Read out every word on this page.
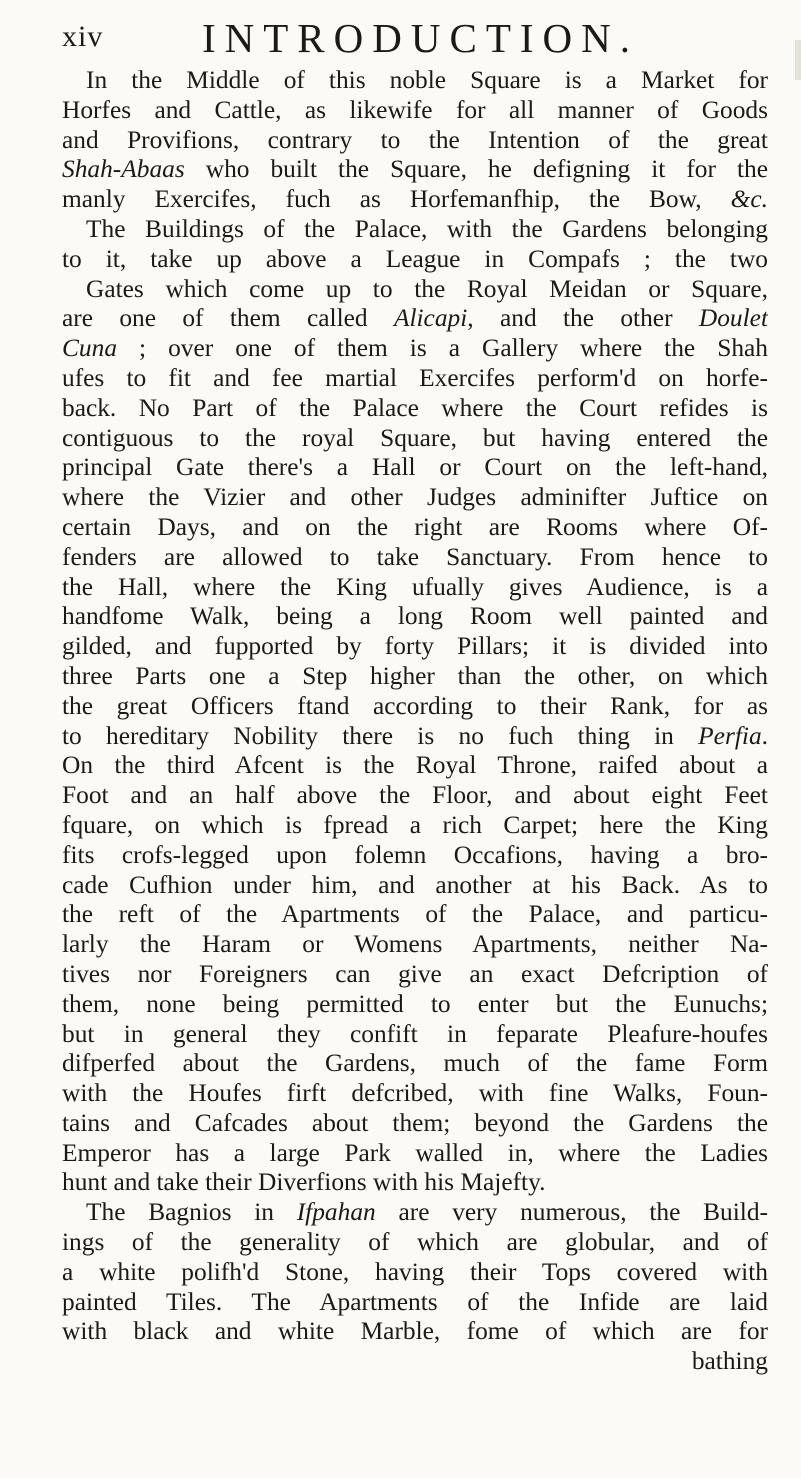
xiv INTRODUCTION.
In the Middle of this noble Square is a Market for
Horfes and Cattle, as likewife for all manner of Goods
and Provifions, contrary to the Intention of the great
Shah-Abaas who built the Square, he defigning it for the
manly Exercifes, fuch as Horfemanfhip, the Bow, &c.
The Buildings of the Palace, with the Gardens belonging
to it, take up above a League in Compafs ; the two
Gates which come up to the Royal Meidan or Square,
are one of them called Alicapi, and the other Doulet
Cuna ; over one of them is a Gallery where the Shah
ufes to fit and fee martial Exercifes perform'd on horfe-
back. No Part of the Palace where the Court refides is
contiguous to the royal Square, but having entered the
principal Gate there's a Hall or Court on the left-hand,
where the Vizier and other Judges adminifter Juftice on
certain Days, and on the right are Rooms where Of-
fenders are allowed to take Sanctuary. From hence to
the Hall, where the King ufually gives Audience, is a
handfome Walk, being a long Room well painted and
gilded, and fupported by forty Pillars; it is divided into
three Parts one a Step higher than the other, on which
the great Officers ftand according to their Rank, for as
to hereditary Nobility there is no fuch thing in Perfia.
On the third Afcent is the Royal Throne, raifed about a
Foot and an half above the Floor, and about eight Feet
fquare, on which is fpread a rich Carpet; here the King
fits crofs-legged upon folemn Occafions, having a bro-
cade Cufhion under him, and another at his Back. As to
the reft of the Apartments of the Palace, and particu-
larly the Haram or Womens Apartments, neither Na-
tives nor Foreigners can give an exact Defcription of
them, none being permitted to enter but the Eunuchs;
but in general they confift in feparate Pleafure-houfes
difperfed about the Gardens, much of the fame Form
with the Houfes firft defcribed, with fine Walks, Foun-
tains and Cafcades about them; beyond the Gardens the
Emperor has a large Park walled in, where the Ladies
hunt and take their Diverfions with his Majefty.
The Bagnios in Ifpahan are very numerous, the Build-
ings of the generality of which are globular, and of
a white polifh'd Stone, having their Tops covered with
painted Tiles. The Apartments of the Infide are laid
with black and white Marble, fome of which are for
bathing
